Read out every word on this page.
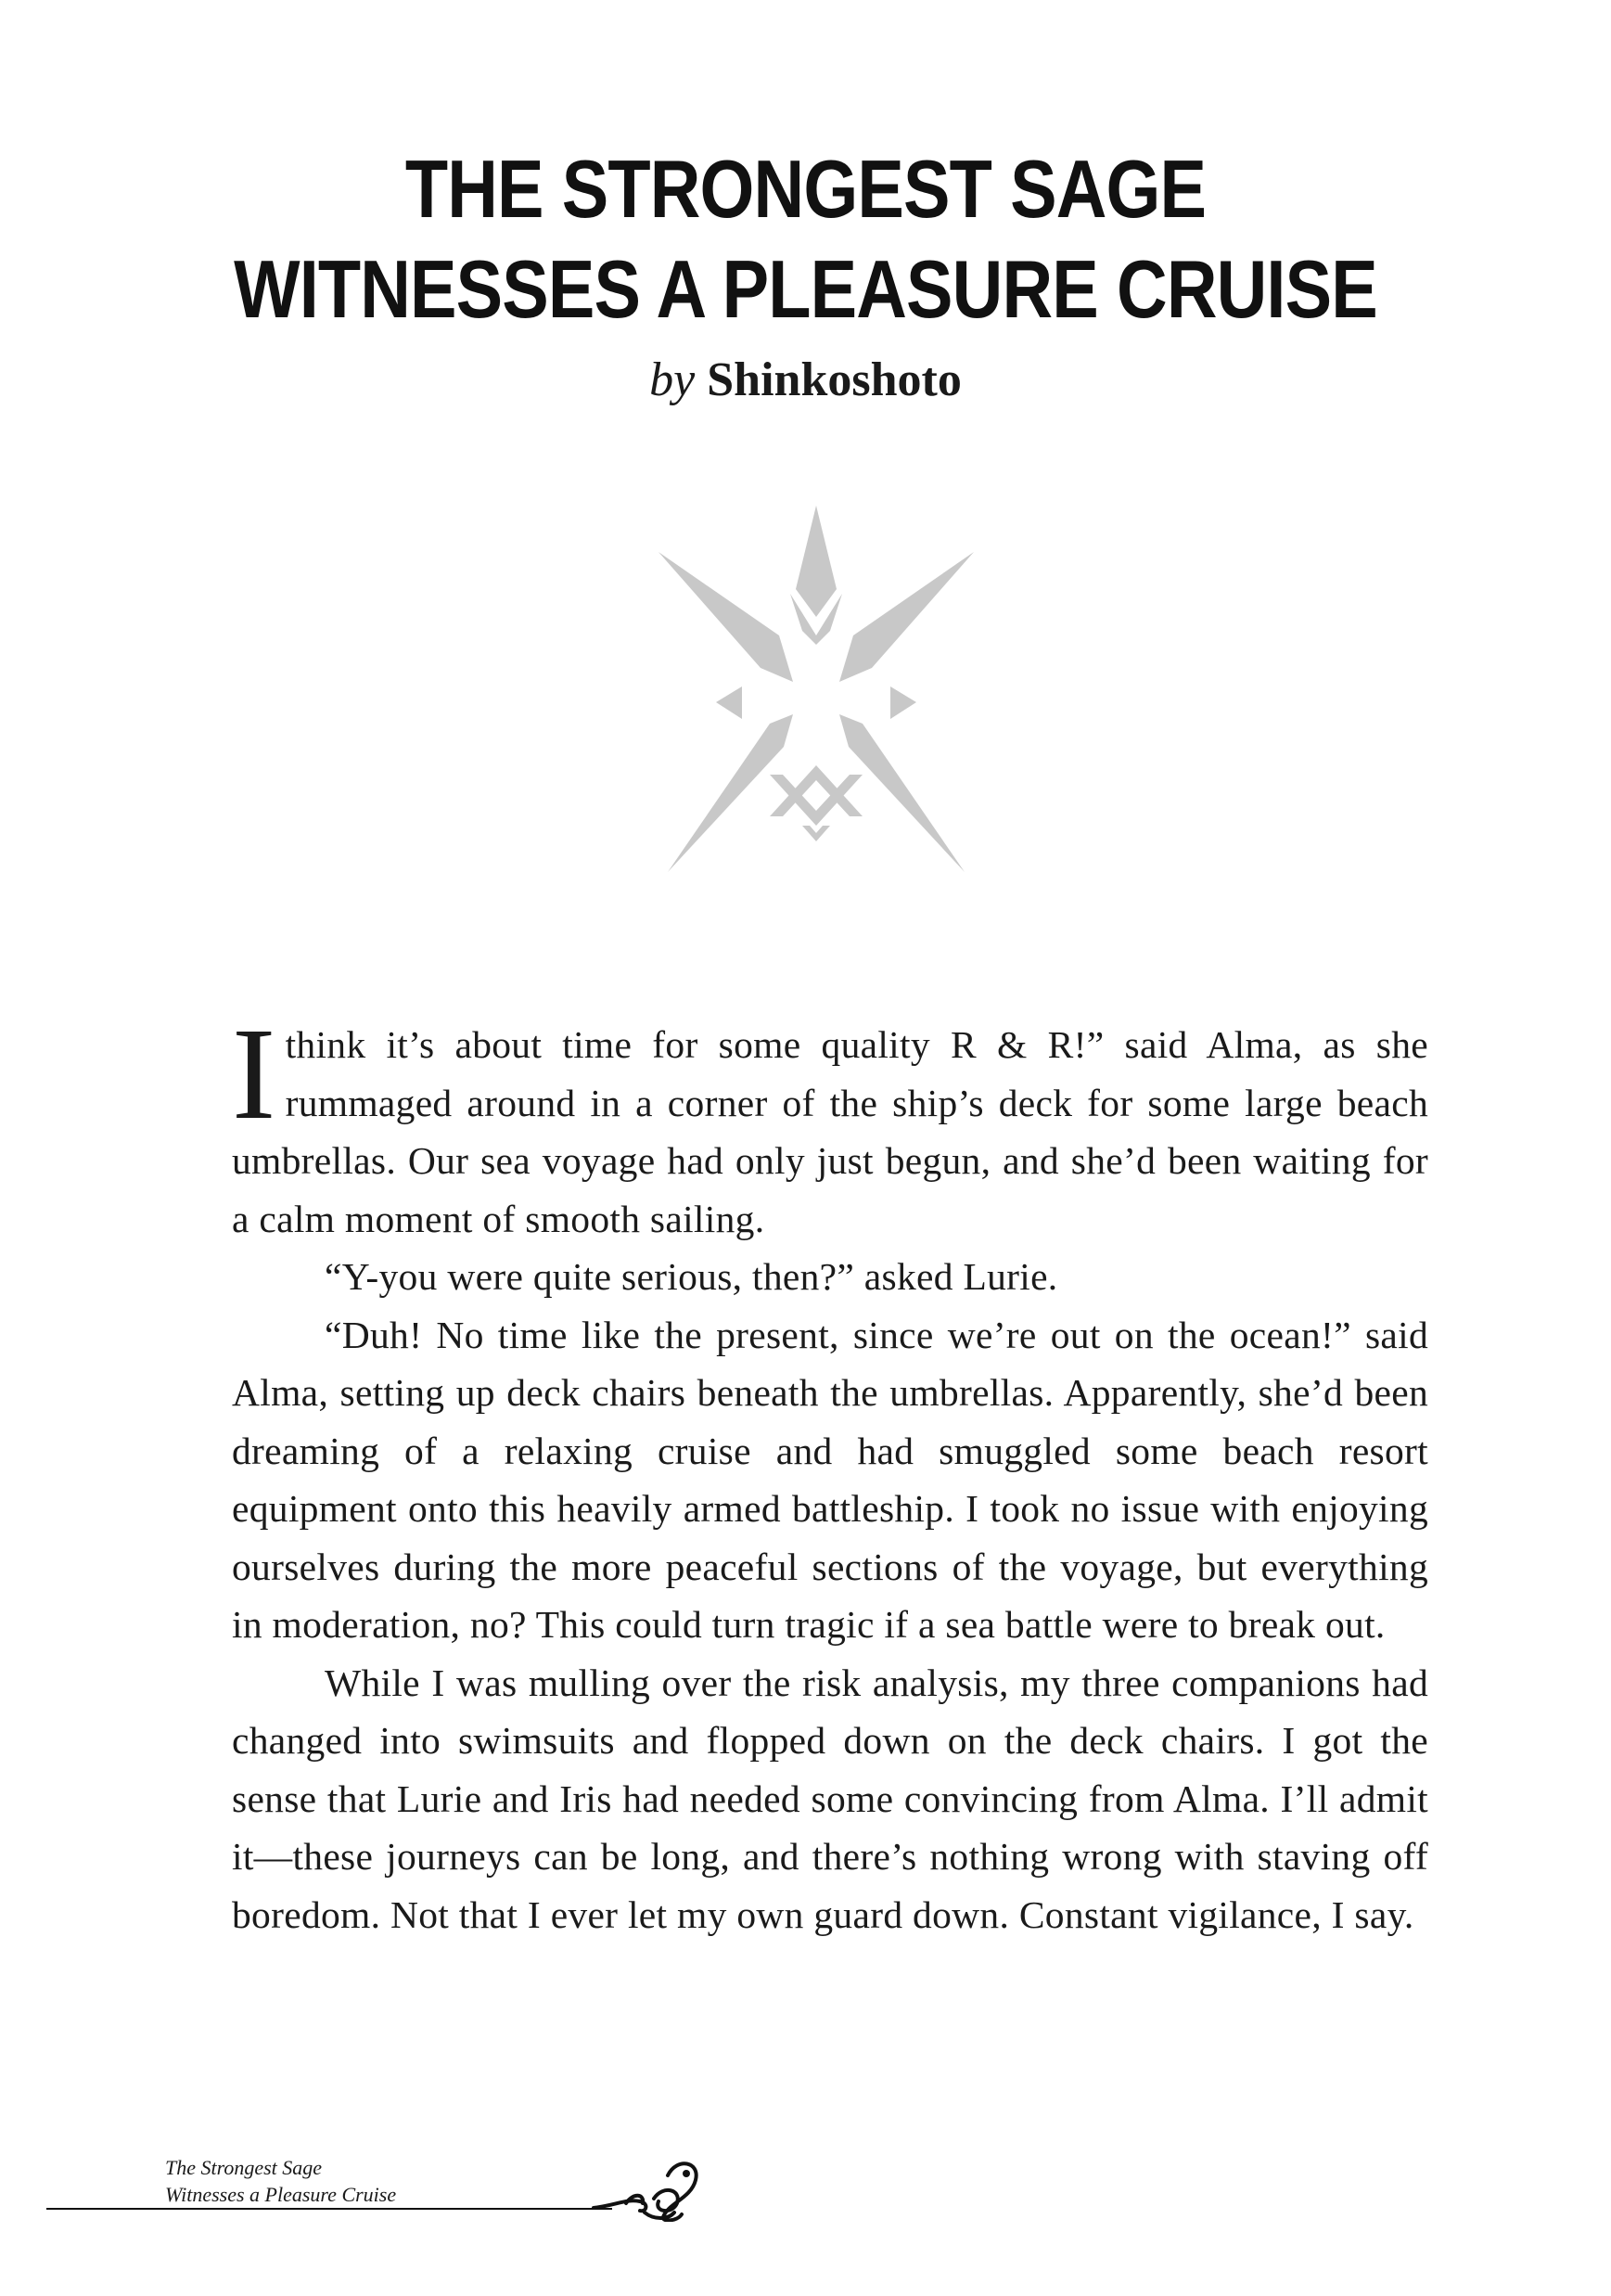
THE STRONGEST SAGE
WITNESSES A PLEASURE CRUISE
by Shinkoshoto

Ithink it’s about time for some quality R & R!” said Alma, as she rummaged around in a corner of the ship’s deck for some large beach umbrellas. Our sea voyage had only just begun, and she’d been waiting for a calm moment of smooth sailing.

“Y-you were quite serious, then?” asked Lurie.

“Duh! No time like the present, since we’re out on the ocean!” said Alma, setting up deck chairs beneath the umbrellas. Apparently, she’d been dreaming of a relaxing cruise and had smuggled some beach resort equipment onto this heavily armed battleship. I took no issue with enjoying ourselves during the more peaceful sections of the voyage, but everything in moderation, no? This could turn tragic if a sea battle were to break out.

While I was mulling over the risk analysis, my three companions had changed into swimsuits and flopped down on the deck chairs. I got the sense that Lurie and Iris had needed some convincing from Alma. I’ll admit it—these journeys can be long, and there’s nothing wrong with staving off boredom. Not that I ever let my own guard down. Constant vigilance, I say.

The Strongest Sage
Witnesses a Pleasure Cruise
